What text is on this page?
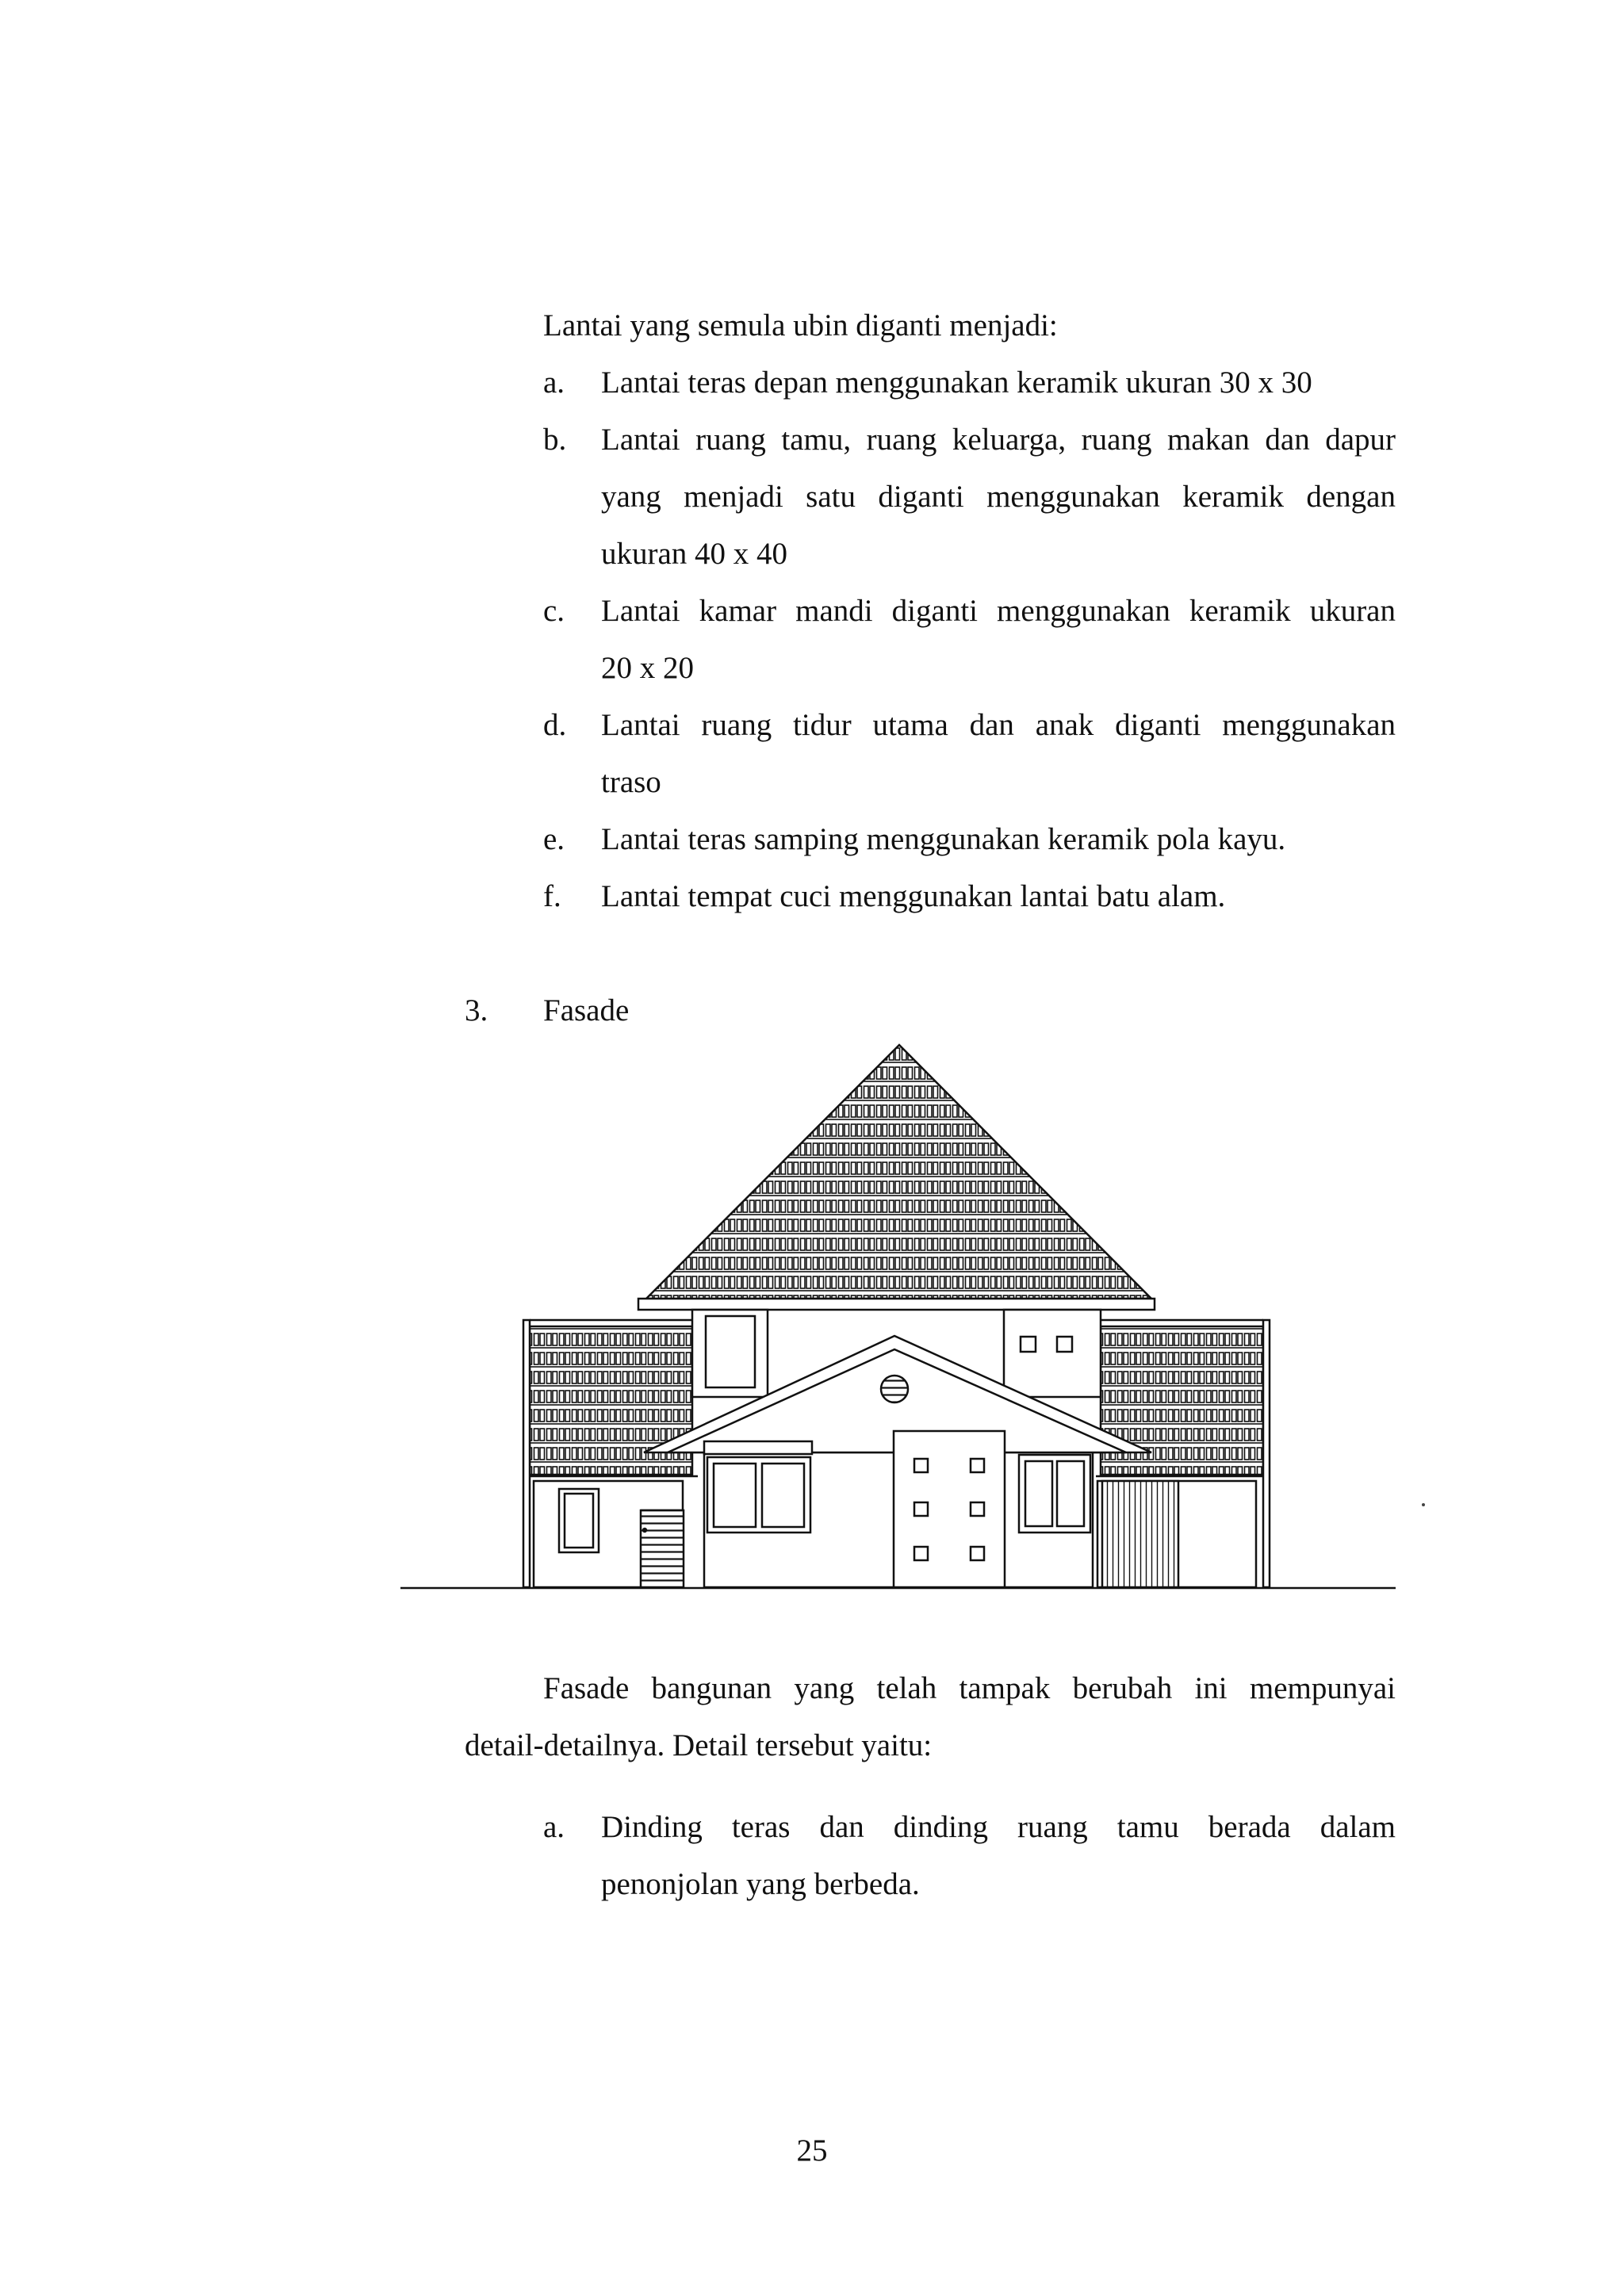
Lantai yang semula ubin diganti menjadi:
a. Lantai teras depan menggunakan keramik ukuran 30 x 30
b. Lantai ruang tamu, ruang keluarga, ruang makan dan dapur
yang menjadi satu diganti menggunakan keramik dengan
ukuran 40 x 40
c. Lantai kamar mandi diganti menggunakan keramik ukuran
20 x 20
d. Lantai ruang tidur utama dan anak diganti menggunakan
traso
e. Lantai teras samping menggunakan keramik pola kayu.
f. Lantai tempat cuci menggunakan lantai batu alam.
3. Fasade
Fasade bangunan yang telah tampak berubah ini mempunyai
detail-detailnya. Detail tersebut yaitu:
a. Dinding teras dan dinding ruang tamu berada dalam
penonjolan yang berbeda.
25
